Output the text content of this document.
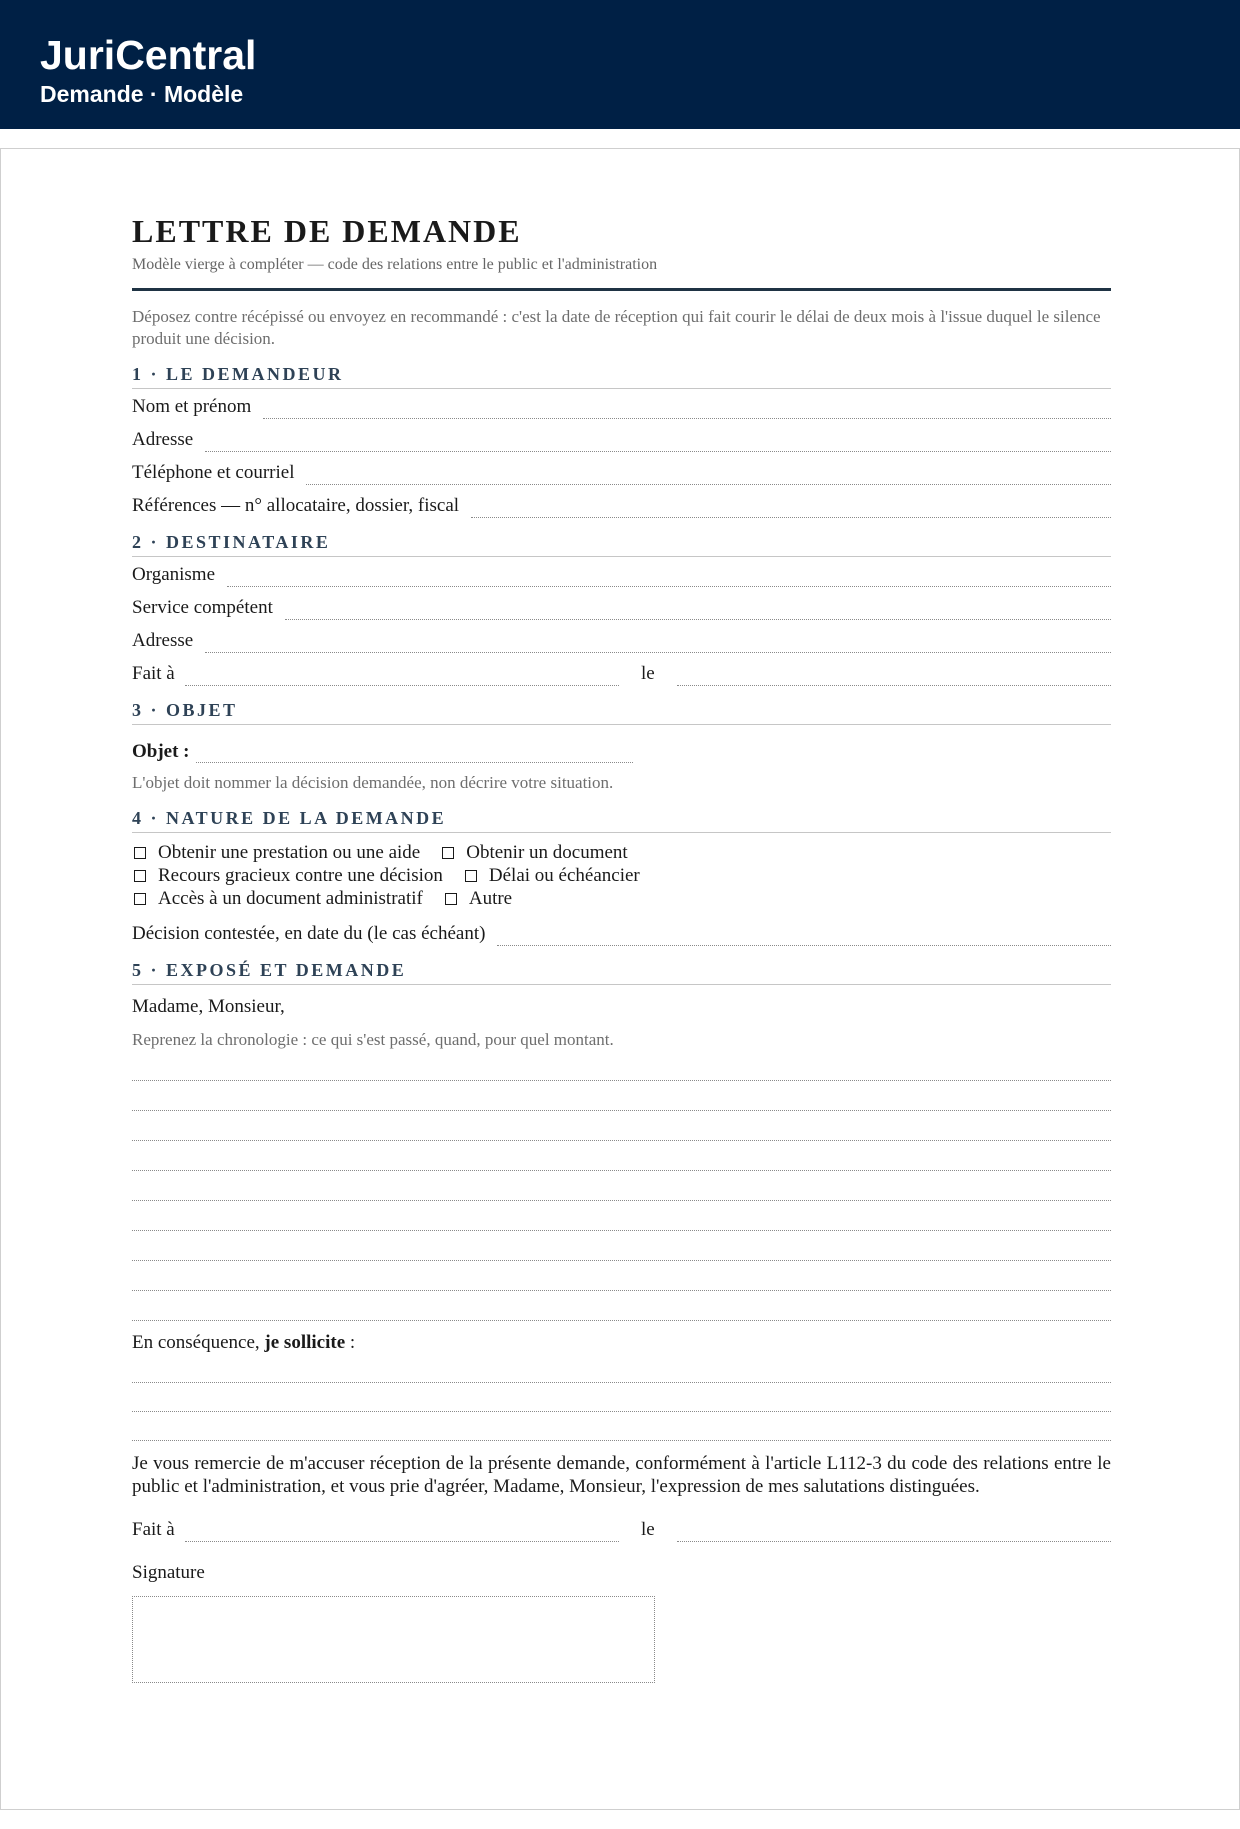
JuriCentral
Demande · Modèle
LETTRE DE DEMANDE
Modèle vierge à compléter — code des relations entre le public et l'administration

Déposez contre récépissé ou envoyez en recommandé : c'est la date de réception qui fait courir le délai de deux mois à l'issue duquel le silence produit une décision.

1 · LE DEMANDEUR
Nom et prénom
Adresse
Téléphone et courriel
Références — n° allocataire, dossier, fiscal
2 · DESTINATAIRE
Organisme
Service compétent
Adresse
Fait à	le
3 · OBJET
Objet :

L'objet doit nommer la décision demandée, non décrire votre situation.

4 · NATURE DE LA DEMANDE
Obtenir une prestation ou une aide Obtenir un document
Recours gracieux contre une décision Délai ou échéancier
Accès à un document administratif Autre
Décision contestée, en date du (le cas échéant)
5 · EXPOSÉ ET DEMANDE

Madame, Monsieur,

Reprenez la chronologie : ce qui s'est passé, quand, pour quel montant.

En conséquence, je sollicite :

Je vous remercie de m'accuser réception de la présente demande, conformément à l'article L112-3 du code des relations entre le public et l'administration, et vous prie d'agréer, Madame, Monsieur, l'expression de mes salutations distinguées.

Fait à	le

Signature
